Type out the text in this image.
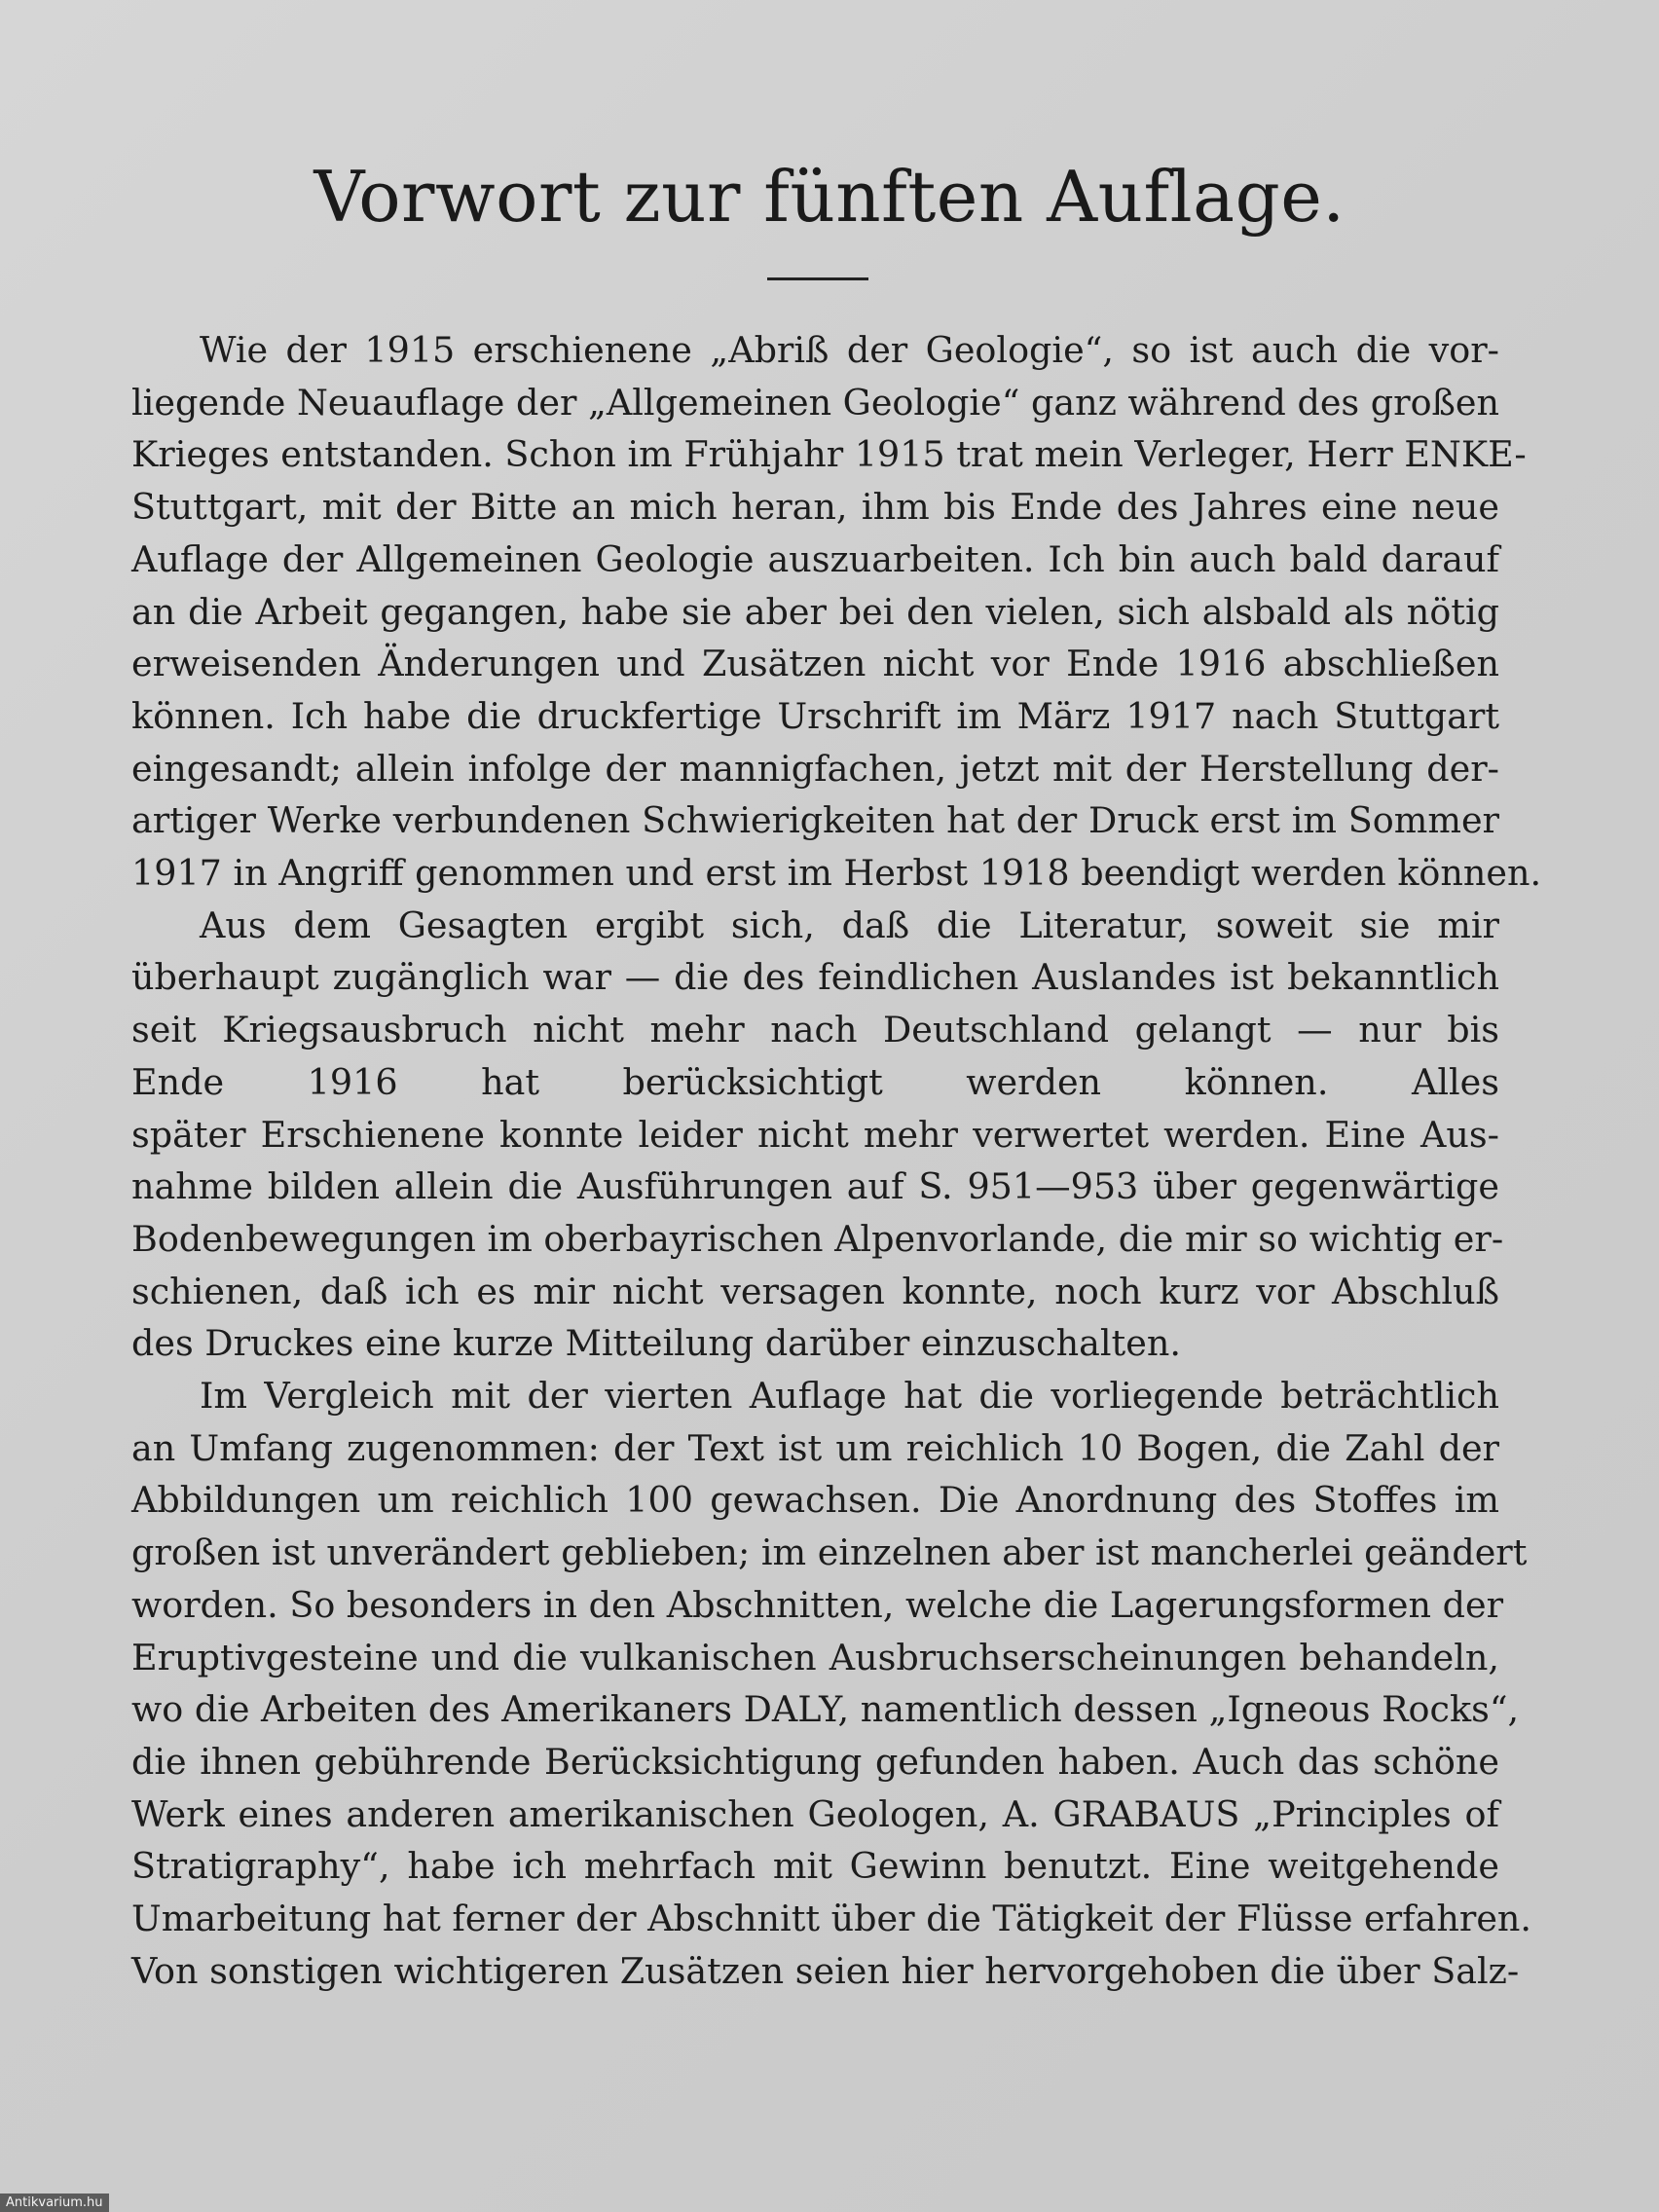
Vorwort zur fünften Auflage.

Wie der 1915 erschienene „Abriß der Geologie“, so ist auch die vor-
liegende Neuauflage der „Allgemeinen Geologie“ ganz während des großen
Krieges entstanden. Schon im Frühjahr 1915 trat mein Verleger, Herr ENKE-
Stuttgart, mit der Bitte an mich heran, ihm bis Ende des Jahres eine neue
Auflage der Allgemeinen Geologie auszuarbeiten. Ich bin auch bald darauf
an die Arbeit gegangen, habe sie aber bei den vielen, sich alsbald als nötig
erweisenden Änderungen und Zusätzen nicht vor Ende 1916 abschließen
können. Ich habe die druckfertige Urschrift im März 1917 nach Stuttgart
eingesandt; allein infolge der mannigfachen, jetzt mit der Herstellung der-
artiger Werke verbundenen Schwierigkeiten hat der Druck erst im Sommer
1917 in Angriff genommen und erst im Herbst 1918 beendigt werden können.

Aus dem Gesagten ergibt sich, daß die Literatur, soweit sie mir
überhaupt zugänglich war — die des feindlichen Auslandes ist bekanntlich
seit Kriegsausbruch nicht mehr nach Deutschland gelangt — nur bis
Ende 1916 hat berücksichtigt werden können. Alles
später Erschienene konnte leider nicht mehr verwertet werden. Eine Aus-
nahme bilden allein die Ausführungen auf S. 951—953 über gegenwärtige
Bodenbewegungen im oberbayrischen Alpenvorlande, die mir so wichtig er-
schienen, daß ich es mir nicht versagen konnte, noch kurz vor Abschluß
des Druckes eine kurze Mitteilung darüber einzuschalten.

Im Vergleich mit der vierten Auflage hat die vorliegende beträchtlich
an Umfang zugenommen: der Text ist um reichlich 10 Bogen, die Zahl der
Abbildungen um reichlich 100 gewachsen. Die Anordnung des Stoffes im
großen ist unverändert geblieben; im einzelnen aber ist mancherlei geändert
worden. So besonders in den Abschnitten, welche die Lagerungsformen der
Eruptivgesteine und die vulkanischen Ausbruchserscheinungen behandeln,
wo die Arbeiten des Amerikaners DALY, namentlich dessen „Igneous Rocks“,
die ihnen gebührende Berücksichtigung gefunden haben. Auch das schöne
Werk eines anderen amerikanischen Geologen, A. GRABAUS „Principles of
Stratigraphy“, habe ich mehrfach mit Gewinn benutzt. Eine weitgehende
Umarbeitung hat ferner der Abschnitt über die Tätigkeit der Flüsse erfahren.
Von sonstigen wichtigeren Zusätzen seien hier hervorgehoben die über Salz-

Antikvarium.hu
